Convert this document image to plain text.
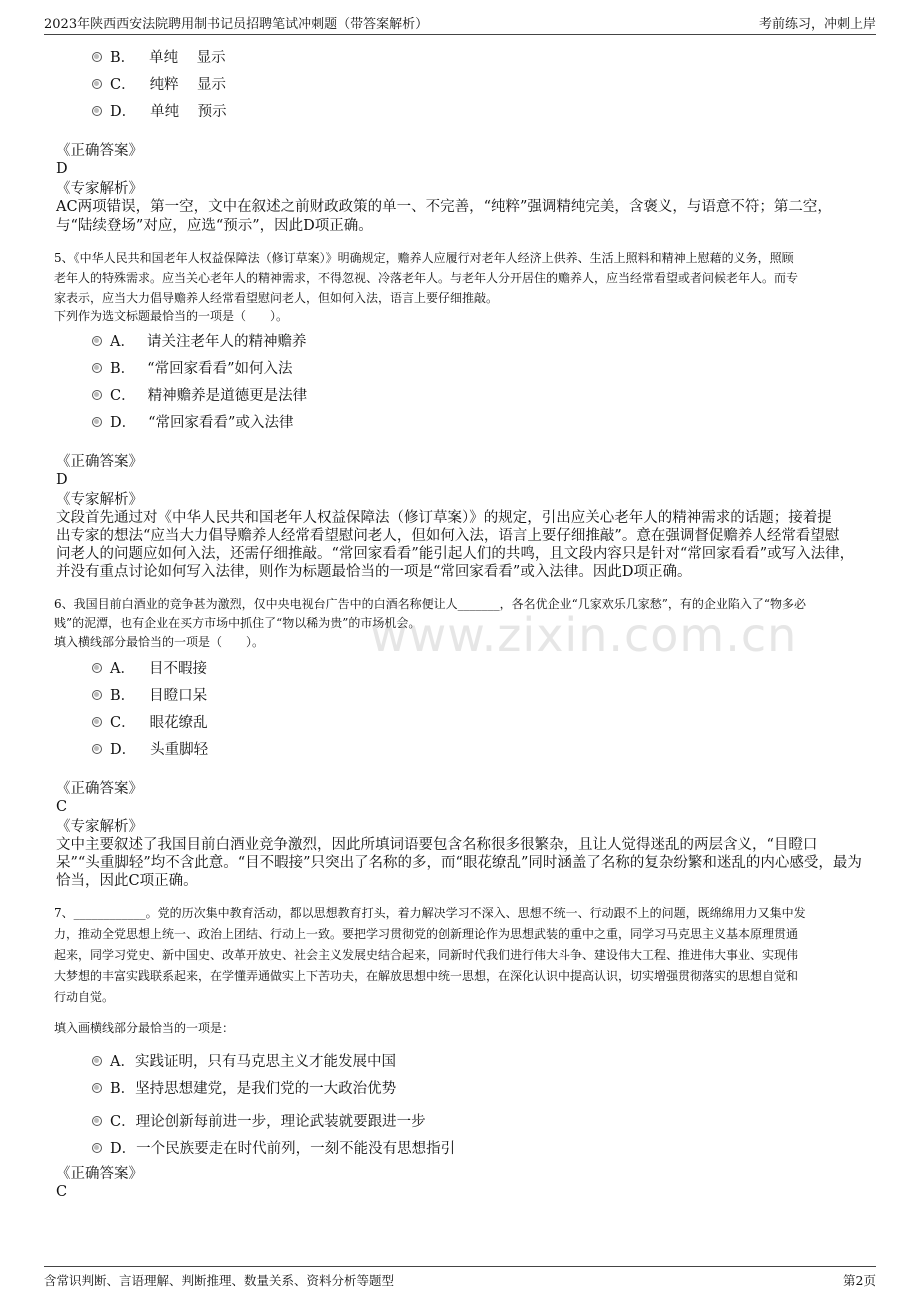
2023年陕西西安法院聘用制书记员招聘笔试冲刺题（带答案解析）	考前练习，冲刺上岸
www.zixin.com.cn
B． 单纯    显示
C． 纯粹    显示
D． 单纯    预示
《正确答案》
D
《专家解析》
AC两项错误，第一空，文中在叙述之前财政政策的单一、不完善，“纯粹”强调精纯完美，含褒义，与语意不符；第二空，
与“陆续登场”对应，应选“预示”，因此D项正确。
5、《中华人民共和国老年人权益保障法（修订草案）》明确规定，赡养人应履行对老年人经济上供养、生活上照料和精神上慰藉的义务，照顾
老年人的特殊需求。应当关心老年人的精神需求，不得忽视、冷落老年人。与老年人分开居住的赡养人，应当经常看望或者问候老年人。而专
家表示，应当大力倡导赡养人经常看望慰问老人，但如何入法，语言上要仔细推敲。
下列作为选文标题最恰当的一项是（　　）。
A． 请关注老年人的精神赡养
B． “常回家看看”如何入法
C． 精神赡养是道德更是法律
D． “常回家看看”或入法律
《正确答案》
D
《专家解析》
文段首先通过对《中华人民共和国老年人权益保障法（修订草案）》的规定，引出应关心老年人的精神需求的话题；接着提
出专家的想法“应当大力倡导赡养人经常看望慰问老人，但如何入法，语言上要仔细推敲”。意在强调督促赡养人经常看望慰
问老人的问题应如何入法，还需仔细推敲。“常回家看看”能引起人们的共鸣，且文段内容只是针对“常回家看看”或写入法律，
并没有重点讨论如何写入法律，则作为标题最恰当的一项是“常回家看看”或入法律。因此D项正确。
6、我国目前白酒业的竞争甚为激烈，仅中央电视台广告中的白酒名称便让人_______，各名优企业“几家欢乐几家愁”，有的企业陷入了“物多必
贱”的泥潭，也有企业在买方市场中抓住了“物以稀为贵”的市场机会。
填入横线部分最恰当的一项是（　　）。
A． 目不暇接
B． 目瞪口呆
C． 眼花缭乱
D． 头重脚轻
《正确答案》
C
《专家解析》
文中主要叙述了我国目前白酒业竞争激烈，因此所填词语要包含名称很多很繁杂，且让人觉得迷乱的两层含义，“目瞪口
呆”“头重脚轻”均不含此意。“目不暇接”只突出了名称的多，而“眼花缭乱”同时涵盖了名称的复杂纷繁和迷乱的内心感受，最为
恰当，因此C项正确。
7、____________。党的历次集中教育活动，都以思想教育打头，着力解决学习不深入、思想不统一、行动跟不上的问题，既绵绵用力又集中发
力，推动全党思想上统一、政治上团结、行动上一致。要把学习贯彻党的创新理论作为思想武装的重中之重，同学习马克思主义基本原理贯通
起来，同学习党史、新中国史、改革开放史、社会主义发展史结合起来，同新时代我们进行伟大斗争、建设伟大工程、推进伟大事业、实现伟
大梦想的丰富实践联系起来，在学懂弄通做实上下苦功夫，在解放思想中统一思想，在深化认识中提高认识，切实增强贯彻落实的思想自觉和
行动自觉。
填入画横线部分最恰当的一项是：
A． 实践证明，只有马克思主义才能发展中国
B． 坚持思想建党，是我们党的一大政治优势
C． 理论创新每前进一步，理论武装就要跟进一步
D． 一个民族要走在时代前列，一刻不能没有思想指引
《正确答案》
C
含常识判断、言语理解、判断推理、数量关系、资料分析等题型	第2页
